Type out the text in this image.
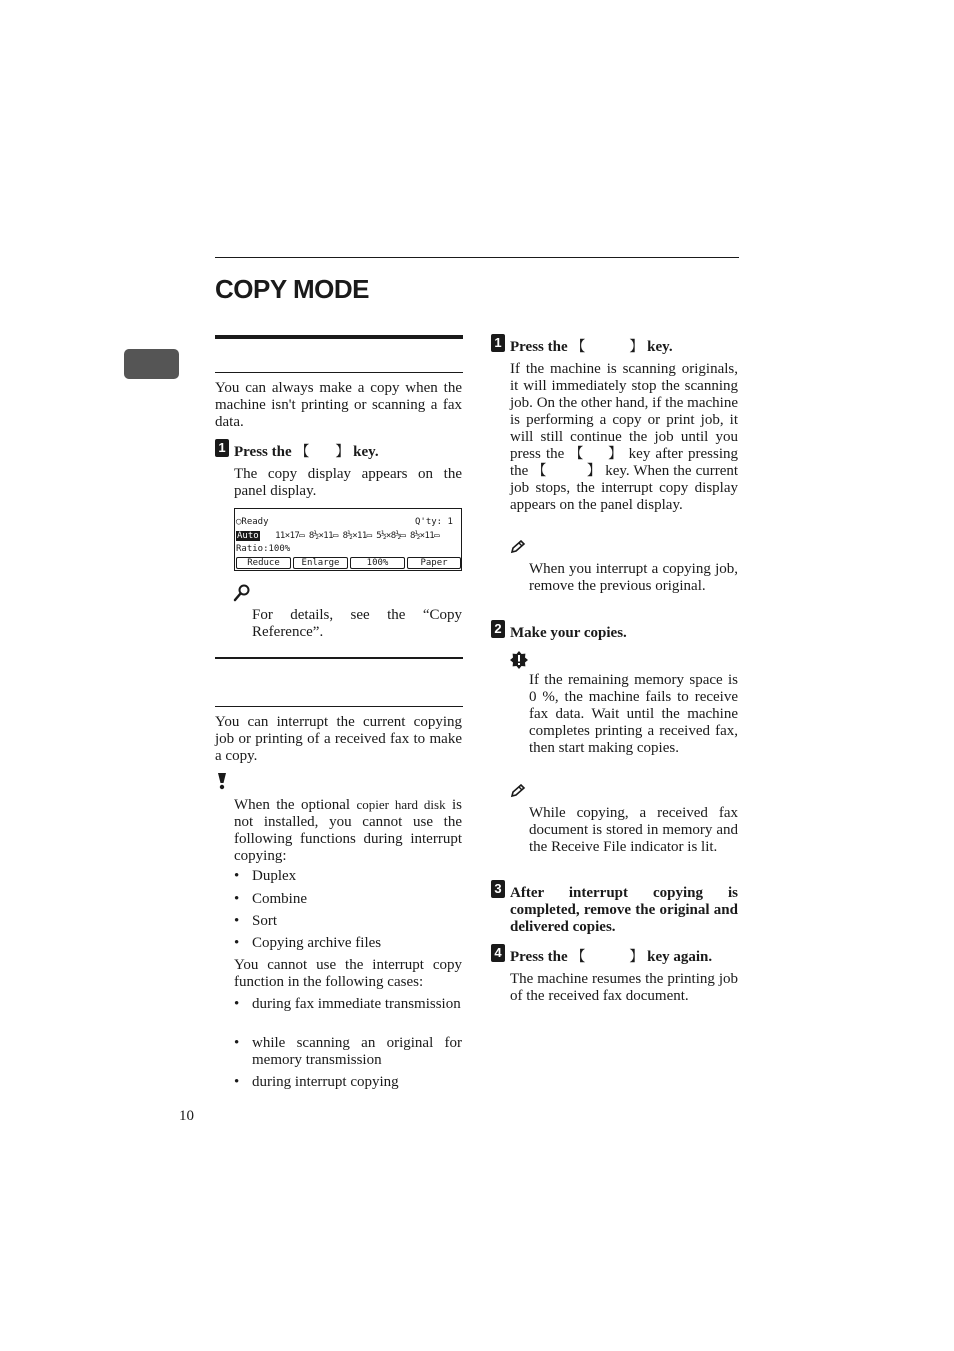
COPY MODE
You can always make a copy when the machine isn't printing or scanning a fax data.
1 Press the 【 】 key.
The copy display appears on the panel display.
◯Ready	Q'ty: 1
Auto 11×17▭ 8½×11▭ 8½×11▭ 5½×8½▭ 8½×11▭
Ratio:100%
Reduce	Enlarge	100%	Paper
For details, see the “Copy Reference”.
You can interrupt the current copying job or printing of a received fax to make a copy.
When the optional copier hard disk is not installed, you cannot use the following functions during interrupt copying:
• Duplex
• Combine
• Sort
• Copying archive files
You cannot use the interrupt copy function in the following cases:
• during fax immediate transmission
• while scanning an original for memory transmission
• during interrupt copying
10
1 Press the 【	】 key.
If the machine is scanning originals, it will immediately stop the scanning job. On the other hand, if the machine is performing a copy or print job, it will still continue the job until you press the 【 】 key after pressing the 【	】 key. When the current job stops, the interrupt copy display appears on the panel display.
When you interrupt a copying job, remove the previous original.
2 Make your copies.
If the remaining memory space is 0 %, the machine fails to receive fax data. Wait until the machine completes printing a received fax, then start making copies.
While copying, a received fax document is stored in memory and the Receive File indicator is lit.
3 After interrupt copying is completed, remove the original and delivered copies.
4 Press the 【	】 key again.
The machine resumes the printing job of the received fax document.
